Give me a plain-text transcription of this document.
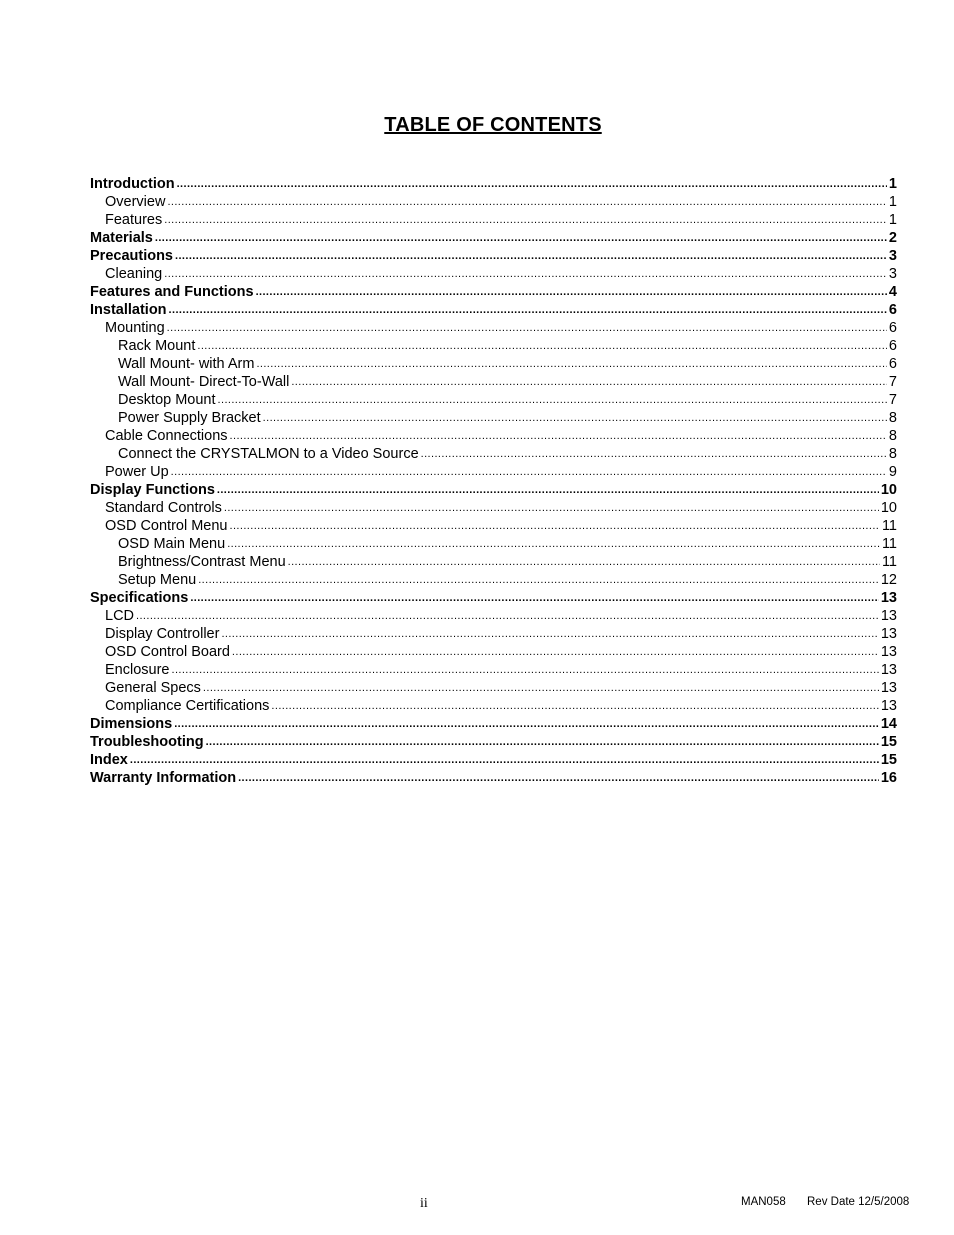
TABLE OF CONTENTS
Introduction .....	1
Overview .....	1
Features .....	1
Materials .....	2
Precautions .....	3
Cleaning .....	3
Features and Functions .....	4
Installation .....	6
Mounting .....	6
Rack Mount .....	6
Wall Mount- with Arm .....	6
Wall Mount- Direct-To-Wall .....	7
Desktop Mount .....	7
Power Supply Bracket .....	8
Cable Connections .....	8
Connect the CRYSTALMON to a Video Source .....	8
Power Up .....	9
Display Functions .....	10
Standard Controls .....	10
OSD Control Menu .....	11
OSD Main Menu .....	11
Brightness/Contrast Menu .....	11
Setup Menu .....	12
Specifications .....	13
LCD .....	13
Display Controller .....	13
OSD Control Board .....	13
Enclosure .....	13
General Specs .....	13
Compliance Certifications .....	13
Dimensions .....	14
Troubleshooting .....	15
Index .....	15
Warranty Information .....	16
ii	MAN058 Rev Date 12/5/2008
